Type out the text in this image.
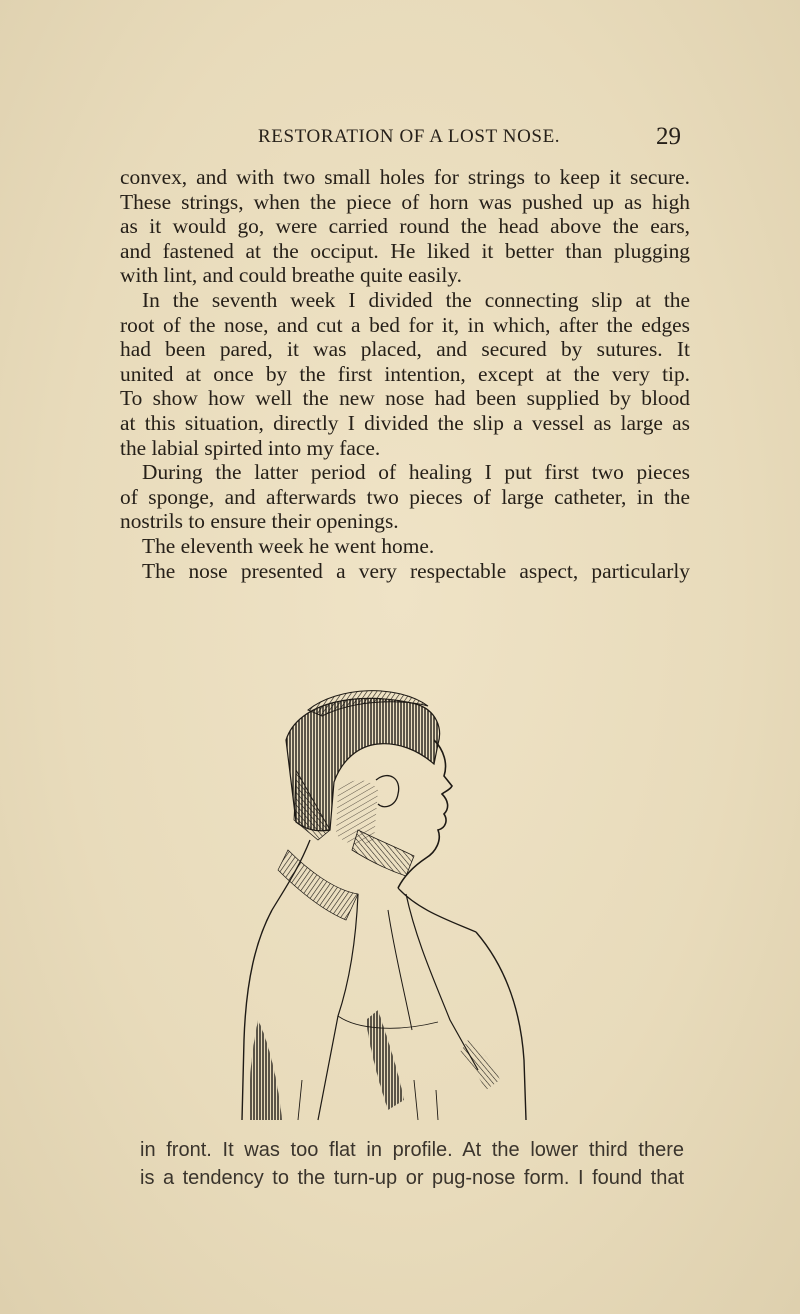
RESTORATION OF A LOST NOSE.	29
convex, and with two small holes for strings to keep it secure.
These strings, when the piece of horn was pushed up as high
as it would go, were carried round the head above the ears,
and fastened at the occiput. He liked it better than plugging
with lint, and could breathe quite easily.
In the seventh week I divided the connecting slip at the
root of the nose, and cut a bed for it, in which, after the edges
had been pared, it was placed, and secured by sutures. It
united at once by the first intention, except at the very tip.
To show how well the new nose had been supplied by blood
at this situation, directly I divided the slip a vessel as large as
the labial spirted into my face.
During the latter period of healing I put first two pieces
of sponge, and afterwards two pieces of large catheter, in the
nostrils to ensure their openings.
The eleventh week he went home.
The nose presented a very respectable aspect, particularly
in front. It was too flat in profile. At the lower third there
is a tendency to the turn-up or pug-nose form. I found that
